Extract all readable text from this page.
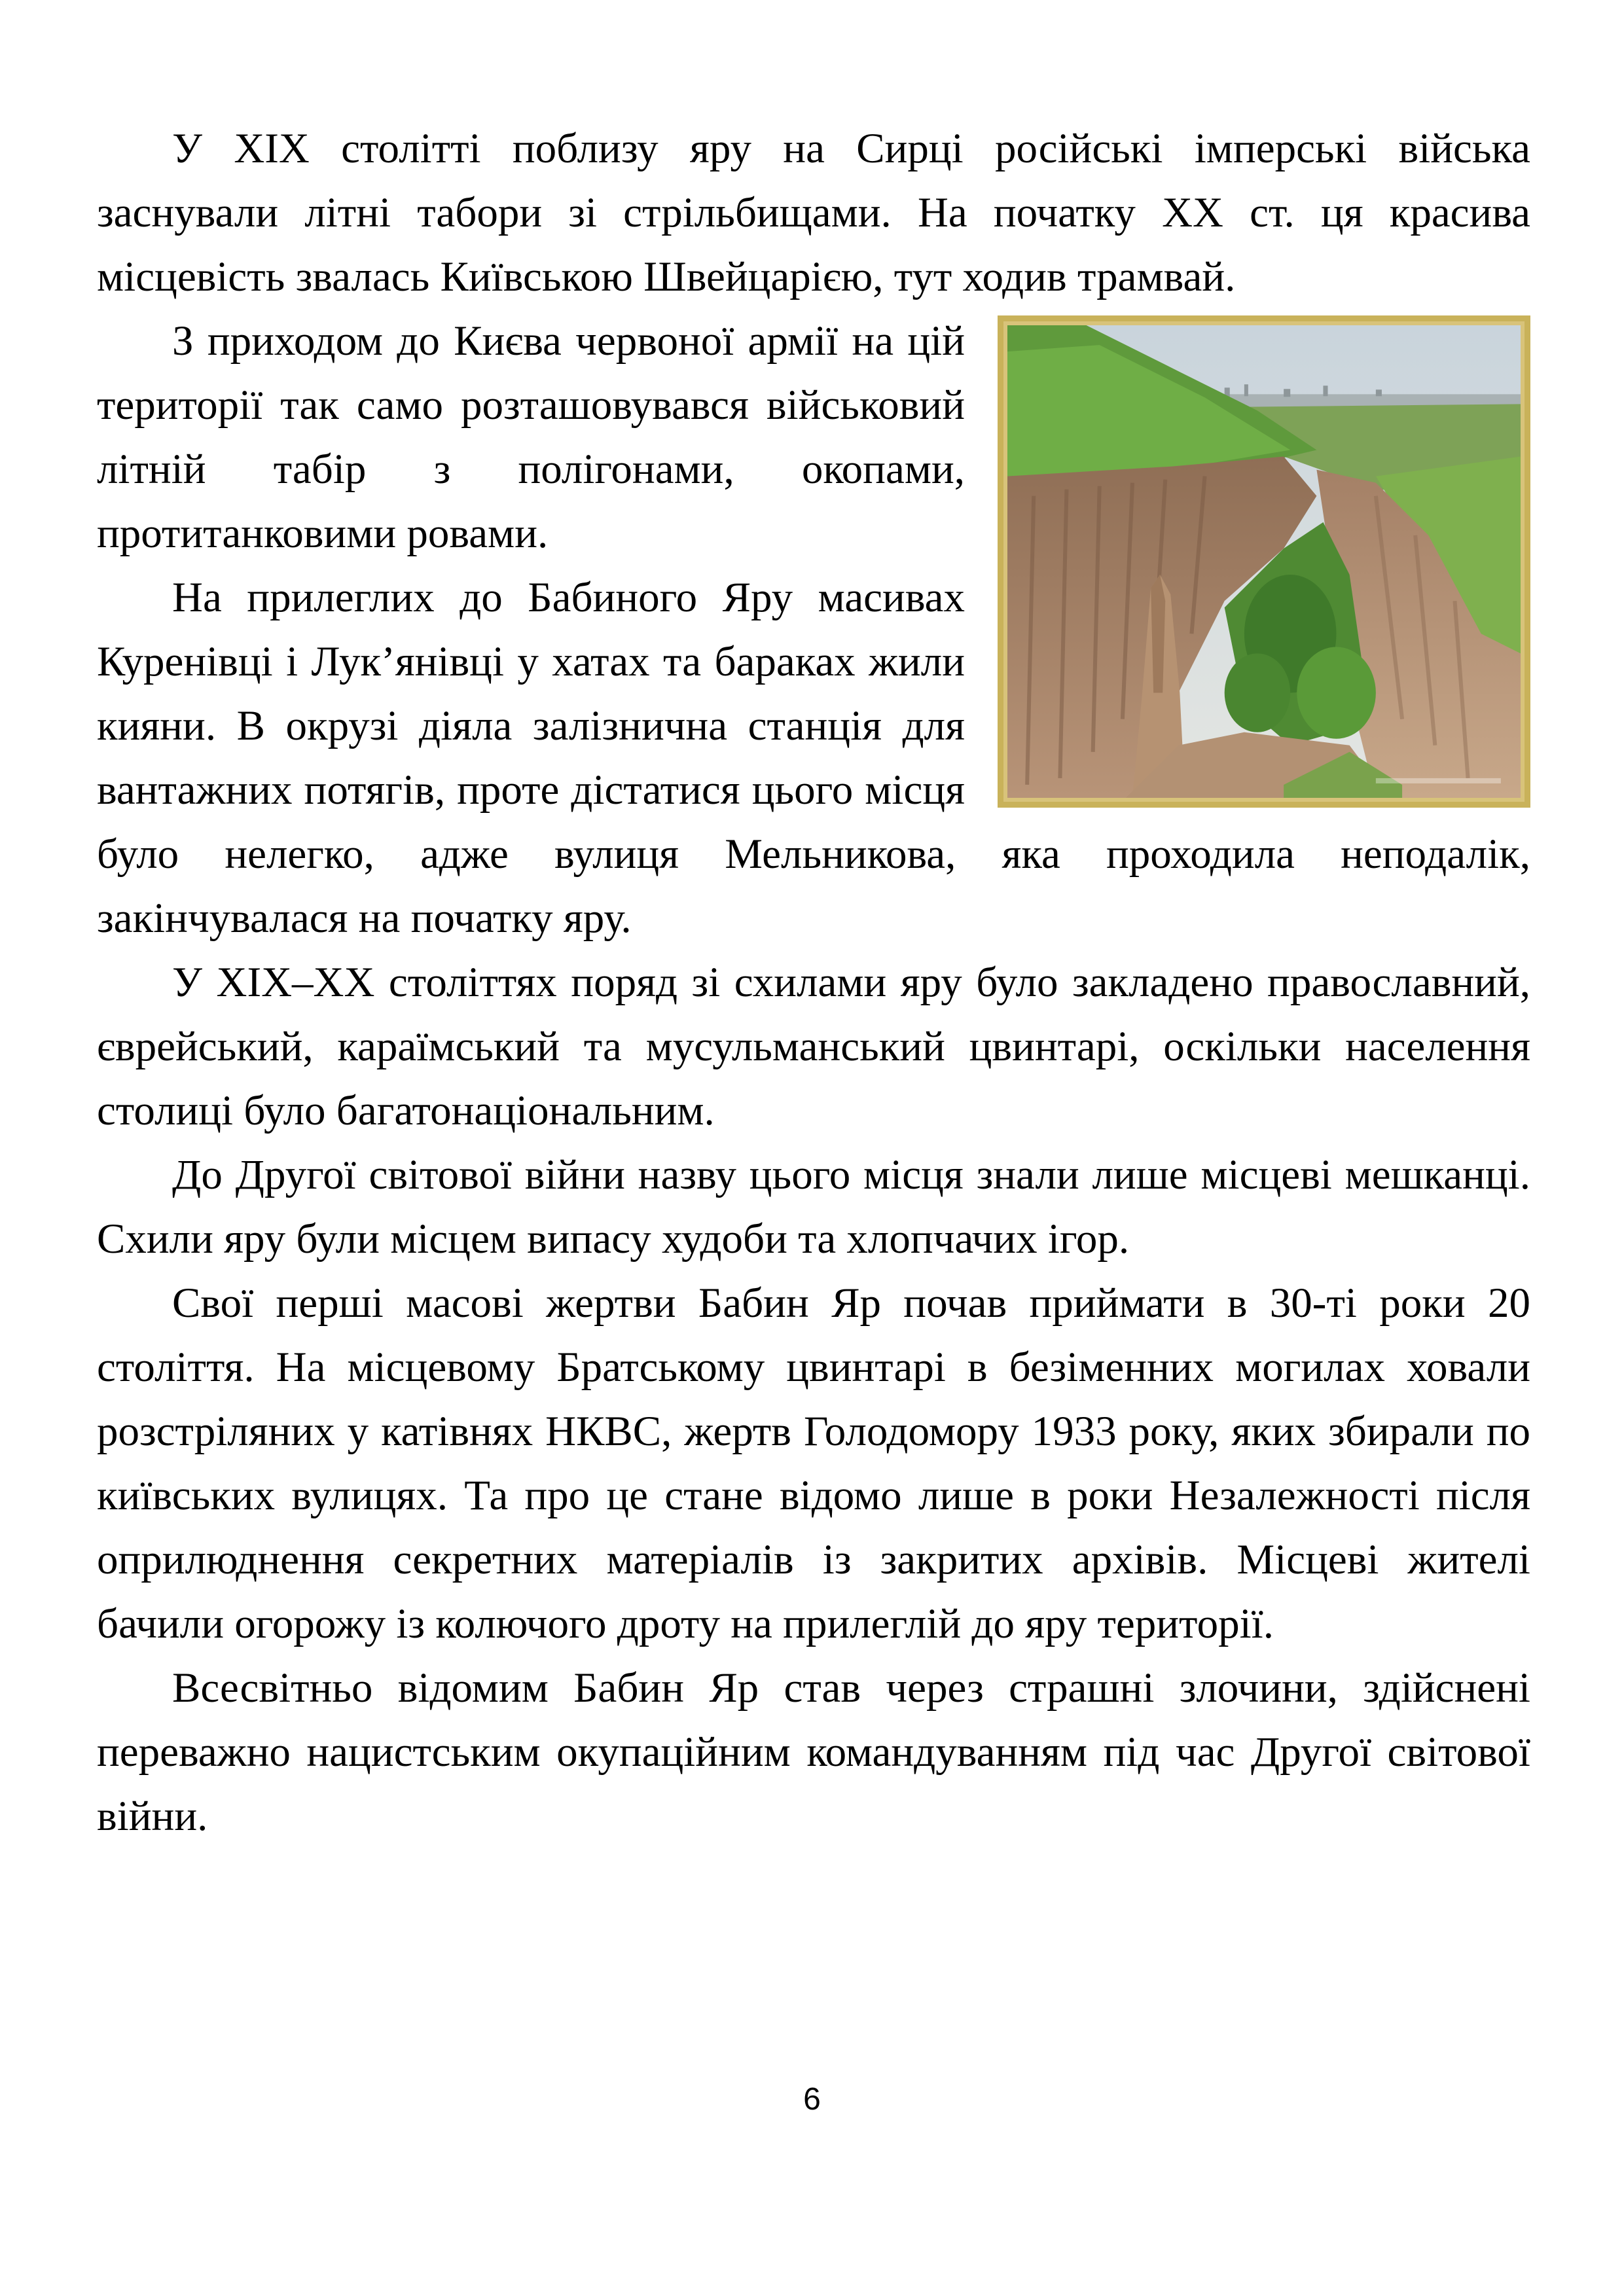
У ХІХ столітті поблизу яру на Сирці російські імперські війська заснували літні табори зі стрільбищами. На початку ХХ ст. ця красива місцевість звалась Київською Швейцарією, тут ходив трамвай.

З приходом до Києва червоної армії на цій території так само розташовувався військовий літній табір з полігонами, окопами, протитанковими ровами.

На прилеглих до Бабиного Яру масивах Куренівці і Лук’янівці у хатах та бараках жили кияни. В окрузі діяла залізнична станція для вантажних потягів, проте дістатися цього місця було нелегко, адже вулиця Мельникова, яка проходила неподалік, закінчувалася на початку яру.

У ХІХ–ХХ століттях поряд зі схилами яру було закладено православний, єврейський, караїмський та мусульманський цвинтарі, оскільки населення столиці було багатонаціональним.

До Другої світової війни назву цього місця знали лише місцеві мешканці. Схили яру були місцем випасу худоби та хлопчачих ігор.

Свої перші масові жертви Бабин Яр почав приймати в 30-ті роки 20 століття. На місцевому Братському цвинтарі в безіменних могилах ховали розстріляних у катівнях НКВС, жертв Голодомору 1933 року, яких збирали по київських вулицях. Та про це стане відомо лише в роки Незалежності після оприлюднення секретних матеріалів із закритих архівів. Місцеві жителі бачили огорожу із колючого дроту на прилеглій до яру території.

Всесвітньо відомим Бабин Яр став через страшні злочини, здійснені переважно нацистським окупаційним командуванням під час Другої світової війни.

6
